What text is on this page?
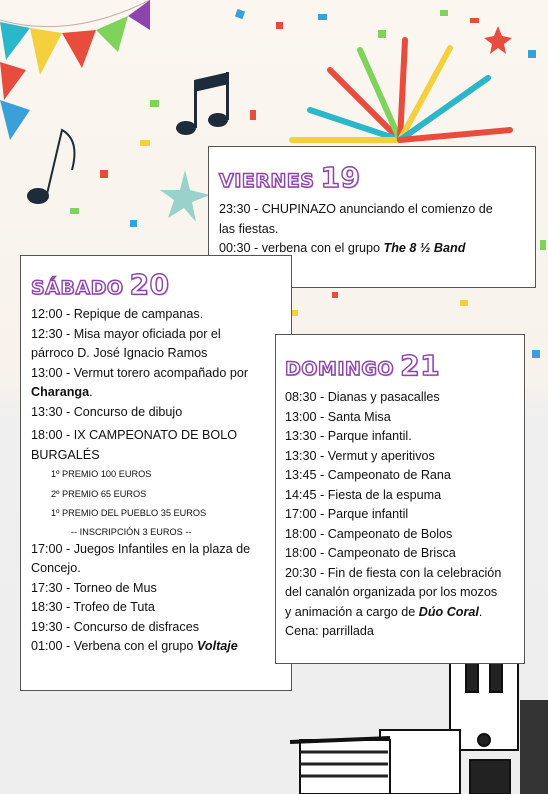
VIERNES 19
23:30 - CHUPINAZO anunciando el comienzo de
las fiestas.
00:30 - verbena con el grupo The 8 ½ Band
SÁBADO 20
12:00 - Repique de campanas.
12:30 - Misa mayor oficiada por el
párroco D. José Ignacio Ramos
13:00 - Vermut torero acompañado por
Charanga.
13:30 - Concurso de dibujo
18:00 - IX CAMPEONATO DE BOLO
BURGALÉS
1º PREMIO 100 EUROS
2º PREMIO 65 EUROS
1º PREMIO DEL PUEBLO 35 EUROS
-- INSCRIPCIÓN 3 EUROS --
17:00 - Juegos Infantiles en la plaza de
Concejo.
17:30 - Torneo de Mus
18:30 - Trofeo de Tuta
19:30 - Concurso de disfraces
01:00 - Verbena con el grupo Voltaje
DOMINGO 21
08:30 - Dianas y pasacalles
13:00 - Santa Misa
13:30 - Parque infantil.
13:30 - Vermut y aperitivos
13:45 - Campeonato de Rana
14:45 - Fiesta de la espuma
17:00 - Parque infantil
18:00 - Campeonato de Bolos
18:00 - Campeonato de Brisca
20:30 - Fin de fiesta con la celebración
del canalón organizada por los mozos
y animación a cargo de Dúo Coral.
Cena: parrillada
